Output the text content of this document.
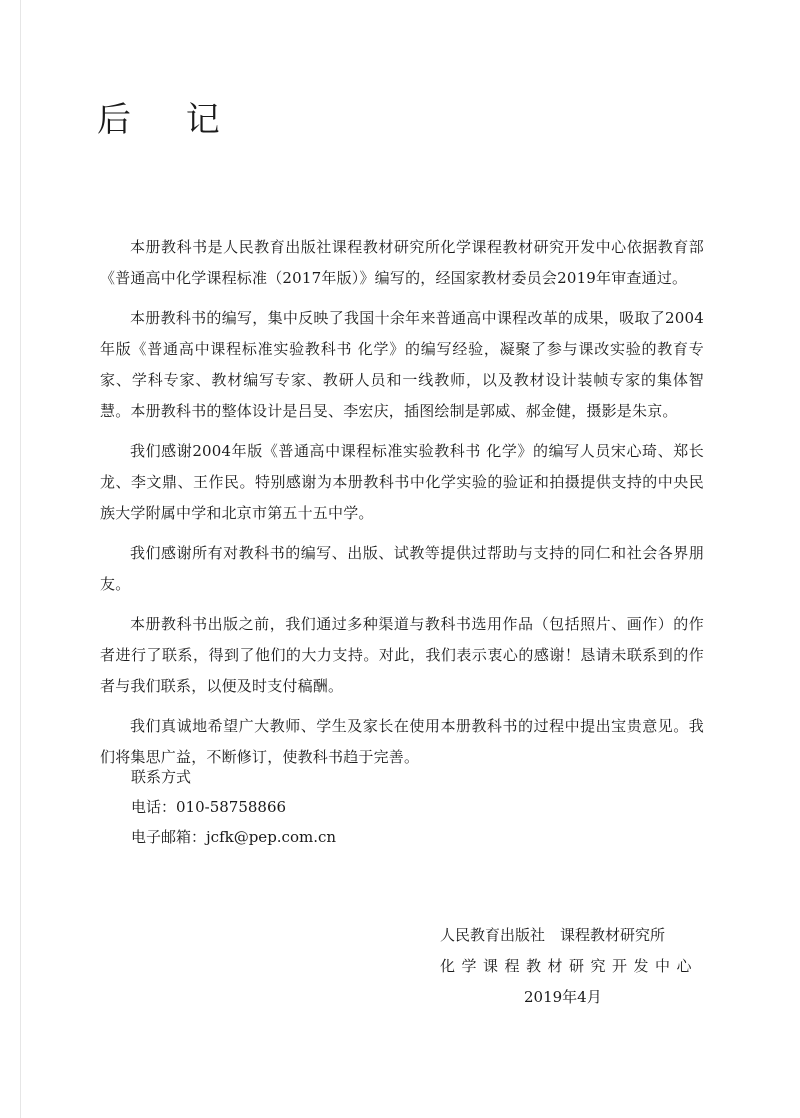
后 记

本册教科书是人民教育出版社课程教材研究所化学课程教材研究开发中心依据教育部《普通高中化学课程标准（2017年版）》编写的，经国家教材委员会2019年审查通过。

本册教科书的编写，集中反映了我国十余年来普通高中课程改革的成果，吸取了2004年版《普通高中课程标准实验教科书 化学》的编写经验，凝聚了参与课改实验的教育专家、学科专家、教材编写专家、教研人员和一线教师，以及教材设计装帧专家的集体智慧。本册教科书的整体设计是吕旻、李宏庆，插图绘制是郭威、郝金健，摄影是朱京。

我们感谢2004年版《普通高中课程标准实验教科书 化学》的编写人员宋心琦、郑长龙、李文鼎、王作民。特别感谢为本册教科书中化学实验的验证和拍摄提供支持的中央民族大学附属中学和北京市第五十五中学。

我们感谢所有对教科书的编写、出版、试教等提供过帮助与支持的同仁和社会各界朋友。

本册教科书出版之前，我们通过多种渠道与教科书选用作品（包括照片、画作）的作者进行了联系，得到了他们的大力支持。对此，我们表示衷心的感谢！恳请未联系到的作者与我们联系，以便及时支付稿酬。

我们真诚地希望广大教师、学生及家长在使用本册教科书的过程中提出宝贵意见。我们将集思广益，不断修订，使教科书趋于完善。

联系方式
电话：010-58758866
电子邮箱：jcfk@pep.com.cn
人民教育出版社　课程教材研究所
化学课程教材研究开发中心
2019年4月
